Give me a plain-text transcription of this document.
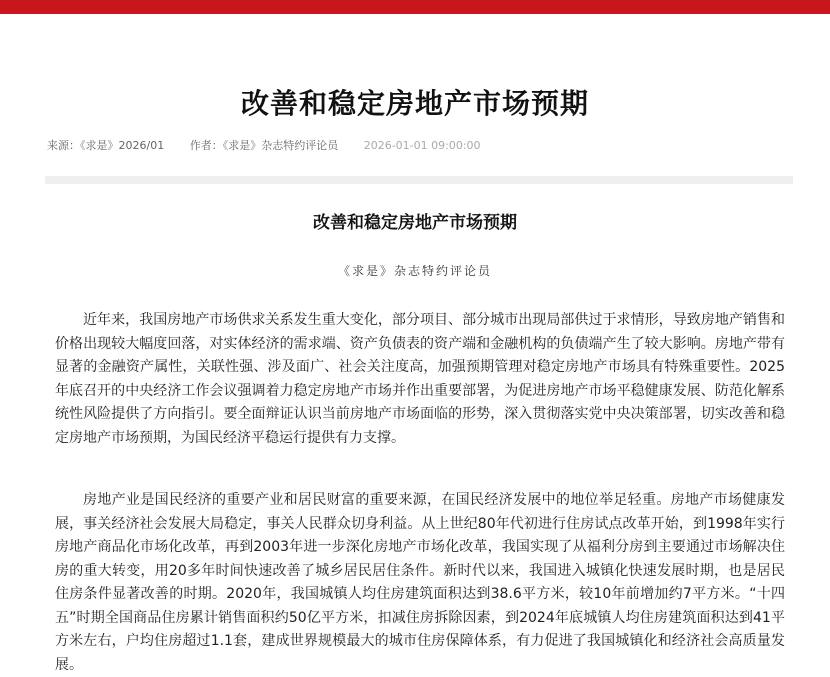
改善和稳定房地产市场预期
来源：《求是》2026/01 作者：《求是》杂志特约评论员 2026-01-01 09:00:00
改善和稳定房地产市场预期
《求是》杂志特约评论员

近年来，我国房地产市场供求关系发生重大变化，部分项目、部分城市出现局部供过于求情形，导致房地产销售和价格出现较大幅度回落，对实体经济的需求端、资产负债表的资产端和金融机构的负债端产生了较大影响。房地产带有显著的金融资产属性，关联性强、涉及面广、社会关注度高，加强预期管理对稳定房地产市场具有特殊重要性。2025年底召开的中央经济工作会议强调着力稳定房地产市场并作出重要部署，为促进房地产市场平稳健康发展、防范化解系统性风险提供了方向指引。要全面辩证认识当前房地产市场面临的形势，深入贯彻落实党中央决策部署，切实改善和稳定房地产市场预期，为国民经济平稳运行提供有力支撑。

房地产业是国民经济的重要产业和居民财富的重要来源，在国民经济发展中的地位举足轻重。房地产市场健康发展，事关经济社会发展大局稳定，事关人民群众切身利益。从上世纪80年代初进行住房试点改革开始，到1998年实行房地产商品化市场化改革，再到2003年进一步深化房地产市场化改革，我国实现了从福利分房到主要通过市场解决住房的重大转变，用20多年时间快速改善了城乡居民居住条件。新时代以来，我国进入城镇化快速发展时期，也是居民住房条件显著改善的时期。2020年，我国城镇人均住房建筑面积达到38.6平方米，较10年前增加约7平方米。“十四五”时期全国商品住房累计销售面积约50亿平方米，扣减住房拆除因素，到2024年底城镇人均住房建筑面积达到41平方米左右，户均住房超过1.1套，建成世界规模最大的城市住房保障体系，有力促进了我国城镇化和经济社会高质量发展。
